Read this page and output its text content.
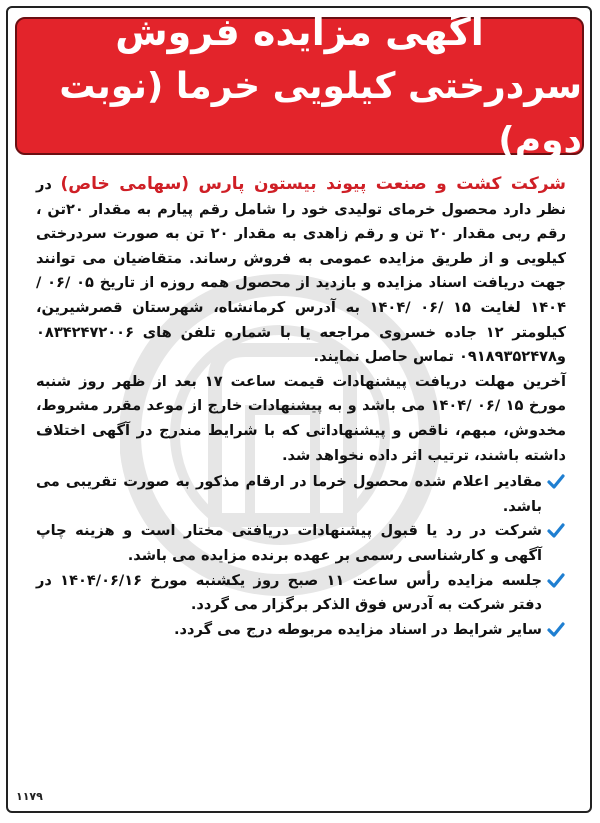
آگهی مزایده فروش
سردرختی کیلویی خرما (نوبت دوم)

شرکت کشت و صنعت پیوند بیستون پارس (سهامی خاص) در نظر دارد محصول خرمای تولیدی خود را شامل رقم پیارم به مقدار ۲۰تن ، رقم ربی مقدار ۲۰ تن و رقم زاهدی به مقدار ۲۰ تن به صورت سردرختی کیلویی و از طریق مزایده عمومی به فروش رساند. متقاضیان می توانند جهت دریافت اسناد مزایده و بازدید از محصول همه روزه از تاریخ ۰۵ /۰۶ /۱۴۰۴ لغایت ۱۵ /۰۶ /۱۴۰۴ به آدرس کرمانشاه، شهرستان قصرشیرین، کیلومتر ۱۲ جاده خسروی مراجعه یا با شماره تلفن های ۰۸۳۴۲۴۷۲۰۰۶ و۰۹۱۸۹۳۵۲۴۷۸ تماس حاصل نمایند.

آخرین مهلت دریافت پیشنهادات قیمت ساعت ۱۷ بعد از ظهر روز شنبه مورخ ۱۵ /۰۶ /۱۴۰۴ می باشد و به پیشنهادات خارج از موعد مقرر مشروط، مخدوش، مبهم، ناقص و پیشنهاداتی که با شرایط مندرج در آگهی اختلاف داشته باشند، ترتیب اثر داده نخواهد شد.

مقادیر اعلام شده محصول خرما در ارقام مذکور به صورت تقریبی می باشد.
شرکت در رد یا قبول پیشنهادات دریافتی مختار است و هزینه چاپ آگهی و کارشناسی رسمی بر عهده برنده مزایده می باشد.
جلسه مزایده رأس ساعت ۱۱ صبح روز یکشنبه مورخ ۱۴۰۴/۰۶/۱۶ در دفتر شرکت به آدرس فوق الذکر برگزار می گردد.
سایر شرایط در اسناد مزایده مربوطه درج می گردد.
۱۱۷۹
